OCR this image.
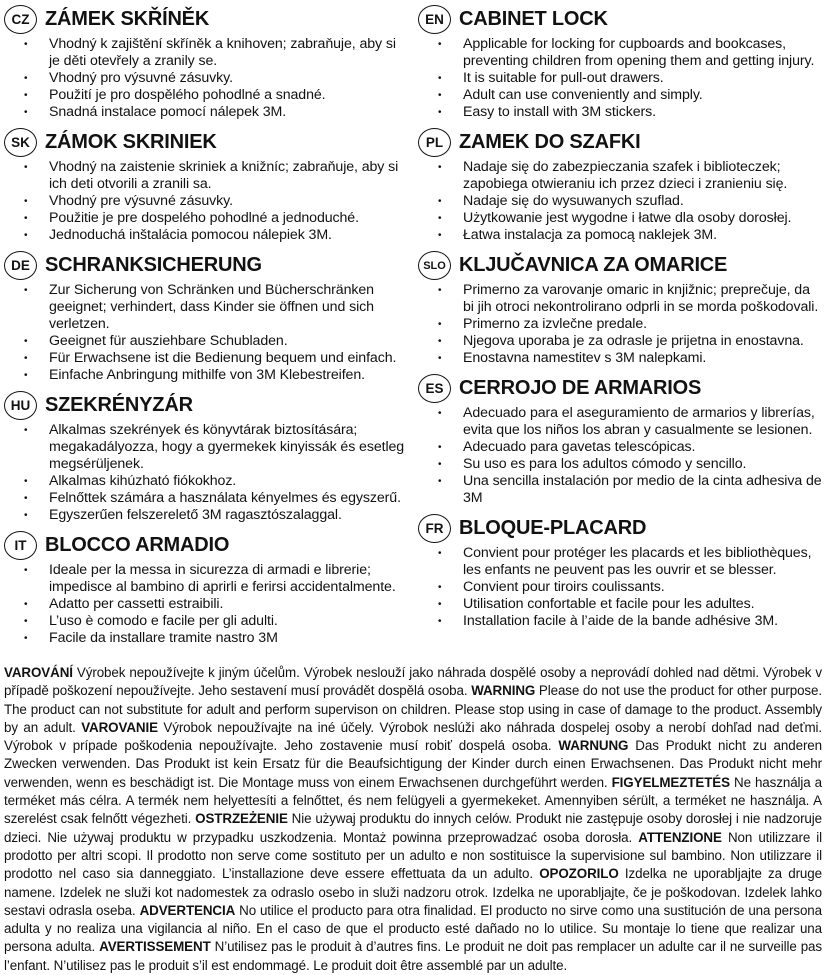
CZ ZÁMEK SKŘÍNĚK
•	Vhodný k zajištění skříněk a knihoven; zabraňuje, aby si je děti otevřely a zranily se.
•	Vhodný pro výsuvné zásuvky.
•	Použití je pro dospělého pohodlné a snadné.
•	Snadná instalace pomocí nálepek 3M.
SK ZÁMOK SKRINIEK
•	Vhodný na zaistenie skriniek a knižníc; zabraňuje, aby si ich deti otvorili a zranili sa.
•	Vhodný pre výsuvné zásuvky.
•	Použitie je pre dospelého pohodlné a jednoduché.
•	Jednoduchá inštalácia pomocou nálepiek 3M.
DE SCHRANKSICHERUNG
•	Zur Sicherung von Schränken und Bücherschränken geeignet; verhindert, dass Kinder sie öffnen und sich verletzen.
•	Geeignet für ausziehbare Schubladen.
•	Für Erwachsene ist die Bedienung bequem und einfach.
•	Einfache Anbringung mithilfe von 3M Klebestreifen.
HU SZEKRÉNYZÁR
•	Alkalmas szekrények és könyvtárak biztosítására; megakadályozza, hogy a gyermekek kinyissák és esetleg megsérüljenek.
•	Alkalmas kihúzható fiókokhoz.
•	Felnőttek számára a használata kényelmes és egyszerű.
•	Egyszerűen felszerelető 3M ragasztószalaggal.
IT BLOCCO ARMADIO
•	Ideale per la messa in sicurezza di armadi e librerie; impedisce al bambino di aprirli e ferirsi accidentalmente.
•	Adatto per cassetti estraibili.
•	L’uso è comodo e facile per gli adulti.
•	Facile da installare tramite nastro 3M
EN CABINET LOCK
•	Applicable for locking for cupboards and bookcases, preventing children from opening them and getting injury.
•	It is suitable for pull-out drawers.
•	Adult can use conveniently and simply.
•	Easy to install with 3M stickers.
PL ZAMEK DO SZAFKI
•	Nadaje się do zabezpieczania szafek i biblioteczek; zapobiega otwieraniu ich przez dzieci i zranieniu się.
•	Nadaje się do wysuwanych szuflad.
•	Użytkowanie jest wygodne i łatwe dla osoby dorosłej.
•	Łatwa instalacja za pomocą naklejek 3M.
SLO KLJUČAVNICA ZA OMARICE
•	Primerno za varovanje omaric in knjižnic; preprečuje, da bi jih otroci nekontrolirano odprli in se morda poškodovali.
•	Primerno za izvlečne predale.
•	Njegova uporaba je za odrasle je prijetna in enostavna.
•	Enostavna namestitev s 3M nalepkami.
ES CERROJO DE ARMARIOS
•	Adecuado para el aseguramiento de armarios y librerías, evita que los niños los abran y casualmente se lesionen.
•	Adecuado para gavetas telescópicas.
•	Su uso es para los adultos cómodo y sencillo.
•	Una sencilla instalación por medio de la cinta adhesiva de 3M
FR BLOQUE-PLACARD
•	Convient pour protéger les placards et les bibliothèques, les enfants ne peuvent pas les ouvrir et se blesser.
•	Convient pour tiroirs coulissants.
•	Utilisation confortable et facile pour les adultes.
•	Installation facile à l’aide de la bande adhésive 3M.

VAROVÁNÍ Výrobek nepoužívejte k jiným účelům. Výrobek neslouží jako náhrada dospělé osoby a neprovádí dohled nad dětmi. Výrobek v případě poškození nepoužívejte. Jeho sestavení musí provádět dospělá osoba. WARNING Please do not use the product for other purpose. The product can not substitute for adult and perform supervison on children. Please stop using in case of damage to the product. Assembly by an adult. VAROVANIE Výrobok nepoužívajte na iné účely. Výrobok neslúži ako náhrada dospelej osoby a nerobí dohľad nad deťmi. Výrobok v prípade poškodenia nepoužívajte. Jeho zostavenie musí robiť dospelá osoba. WARNUNG Das Produkt nicht zu anderen Zwecken verwenden. Das Produkt ist kein Ersatz für die Beaufsichtigung der Kinder durch einen Erwachsenen. Das Produkt nicht mehr verwenden, wenn es beschädigt ist. Die Montage muss von einem Erwachsenen durchgeführt werden. FIGYELMEZTETÉS Ne használja a terméket más célra. A termék nem helyettesíti a felnőttet, és nem felügyeli a gyermekeket. Amennyiben sérült, a terméket ne használja. A szerelést csak felnőtt végezheti. OSTRZEŻENIE Nie używaj produktu do innych celów. Produkt nie zastępuje osoby dorosłej i nie nadzoruje dzieci. Nie używaj produktu w przypadku uszkodzenia. Montaż powinna przeprowadzać osoba dorosła. ATTENZIONE Non utilizzare il prodotto per altri scopi. Il prodotto non serve come sostituto per un adulto e non sostituisce la supervisione sul bambino. Non utilizzare il prodotto nel caso sia danneggiato. L’installazione deve essere effettuata da un adulto. OPOZORILO Izdelka ne uporabljajte za druge namene. Izdelek ne služi kot nadomestek za odraslo osebo in služi nadzoru otrok. Izdelka ne uporabljajte, če je poškodovan. Izdelek lahko sestavi odrasla oseba. ADVERTENCIA No utilice el producto para otra finalidad. El producto no sirve como una sustitución de una persona adulta y no realiza una vigilancia al niño. En el caso de que el producto esté dañado no lo utilice. Su montaje lo tiene que realizar una persona adulta. AVERTISSEMENT N’utilisez pas le produit à d’autres fins. Le produit ne doit pas remplacer un adulte car il ne surveille pas l’enfant. N’utilisez pas le produit s’il est endommagé. Le produit doit être assemblé par un adulte.
